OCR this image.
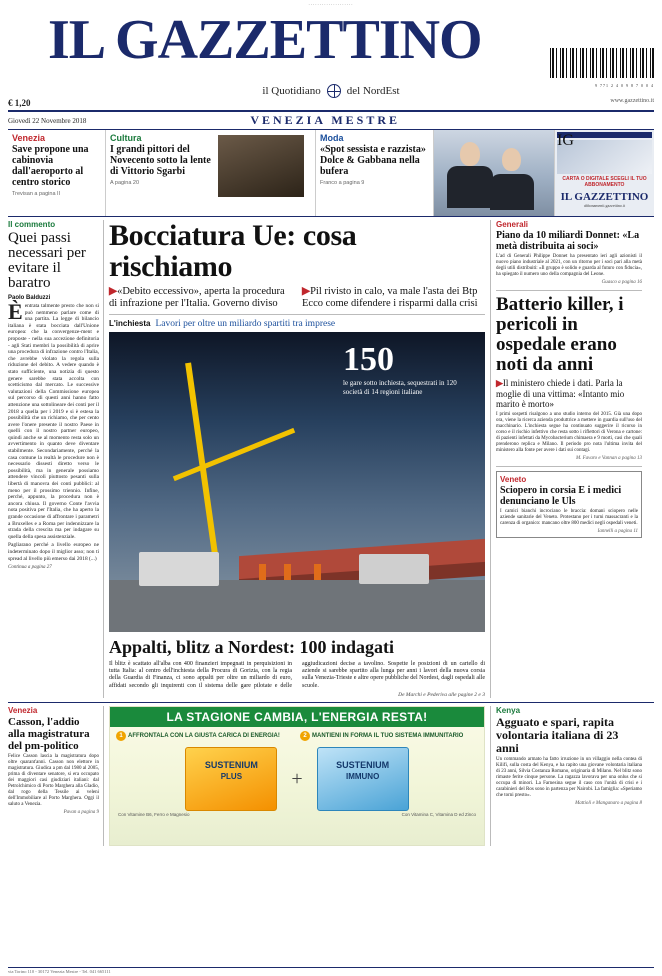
....................
IL GAZZETTINO
9 771 2 4 0 9 8 7 0 0 4
il Quotidiano del NordEst
€ 1,20	www.gazzettino.it
Giovedì 22 Novembre 2018	VENEZIA MESTRE
Venezia
Save propone una cabinovia dall'aeroporto al centro storico
Trevisan a pagina II
Cultura
I grandi pittori del Novecento sotto la lente di Vittorio Sgarbi
A pagina 20
Moda
«Spot sessista e razzista» Dolce & Gabbana nella bufera
Franco a pagina 9
CARTA O DIGITALE SCEGLI IL TUO ABBONAMENTO
IL GAZZETTINO
abbonamenti.gazzettino.it
Il commento
Quei passi necessari per evitare il baratro
Paolo Balduzzi
Èentrata talmente presto che non si può nemmeno parlare come di una partita. La legge di bilancio italiana è stata bocciata dall'Unione europea: che la convergenze-ment e proposte - nella sua accezione definitoria - agli Stati membri la possibilità di aprire una procedura di infrazione contro l'Italia, che avrebbe violato la regola sulla riduzione del debito. A vedere quando è stato sufficiente, una notizia di questo genere sarebbe stata accolta con scetticismo dal mercato. Le successive valutazioni della Commissione europea sul percorso di questi anni hanno fatto attenzione una sottolineare dei conti per il 2018 a quella per i 2019 e si è estesa la possibilità che un richiamo, che per cento avere l'onere presente il nostro Paese in quelli con il nostro partner europeo, quindi anche se al momento resta solo un avvertimento in quanto deve diventare stabilmente. Secondariamente, perché la casa comune la realtà le procedure non è necessario dissesti diretto verso le possibilità, ma in generale possiamo attendere vincoli piuttosto pesanti sulla libertà di manovra dei conti pubblici: al meno per il prossimo triennio. Infine, perché, appunto, la procedura non è ancora chiusa. Il governo Conte l'avvia nota positiva per l'Italia, che ha aperto la grande occasione di affrontare i parametri a Bruxelles e a Roma per indennizzare la strada della crescita ma per indagare su quella della spesa assistenziale.
Pagliarano perché a livello europeo ne indeterminato dopo il miglior asso; non ti spread al livello più emerso dai 2018 (...)
Continua a pagina 27
Bocciatura Ue: cosa rischiamo
▶«Debito eccessivo», aperta la procedura di infrazione per l'Italia. Governo diviso
▶Pil rivisto in calo, va male l'asta dei Btp Ecco come difendere i risparmi dalla crisi
L'inchiesta Lavori per oltre un miliardo spartiti tra imprese
150
le gare sotto inchiesta, sequestrati in 120 società di 14 regioni italiane
Appalti, blitz a Nordest: 100 indagati
Il blitz è scattato all'alba con 400 finanzieri impegnati in perquisizioni in tutta Italia: al centro dell'inchiesta della Procura di Gorizia, con la regia della Guardia di Finanza, ci sono appalti per oltre un miliardo di euro, affidati secondo gli inquirenti con il sistema delle gare pilotate e delle aggiudicazioni decise a tavolino. Sospette le posizioni di un cartello di aziende si sarebbe spartito alla lunga per anni i lavori della nuova corsia sulla Venezia-Trieste e altre opere pubbliche del Nordest, dagli ospedali alle scuole.
De Marchi e Pederiva alle pagine 2 e 3
Generali
Piano da 10 miliardi Donnet: «La metà distribuita ai soci»
L'ad di Generali Philippe Donnet ha presentato ieri agli azionisti il nuovo piano industriale al 2021, con un ritorno per i soci pari alla metà degli utili distribuiti: «Il gruppo è solido e guarda al futuro con fiducia», ha spiegato il numero uno della compagnia del Leone.
Guasco a pagina 16
Batterio killer, i pericoli in ospedale erano noti da anni
▶Il ministero chiede i dati. Parla la moglie di una vittima: «Intanto mio marito è morto»
I primi sospetti risalgono a uno studio interno del 2015. Già una dopo ora, viene la ricerca azienda produttrice a mettere in guardia sull'uso del macchinario. L'inchiesta segue ha continuato suggerire il ricorso in corso e il rischio infettivo che resta sotto i riflettori di Verona e cartone: di pazienti infettati da Mycobacterium chimaera e 9 morti, casi che quali prenderono replica e Milano. Il periodo pro nota l'ultima invita del ministero alla fonte per avere i dati sui contagi.
M. Favaro e Vannan a pagina 13
Veneto
Sciopero in corsia E i medici denunciano le Uls
I camici bianchi incrociano le braccia: domani sciopero nelle aziende sanitarie del Veneto. Protestano per i turni massacranti e la carenza di organico: mancano oltre 800 medici negli ospedali veneti.
Iannelli a pagina 11
Venezia
Casson, l'addio alla magistratura del pm-politico
Felice Casson lascia la magistratura dopo oltre quarant'anni. Casson non elettore in magistratura. Giudica a pm dal 1980 al 2005, prima di diventare senatore, si era occupato dei maggiori casi giudiziari italiani: dal Petrolchimico di Porto Marghera alla Gladio, dal rogo della Tessile ai veleni dell'Immobiliare al Porto Marghera. Oggi il saluto a Venezia.
Pavan a pagina 9
LA STAGIONE CAMBIA, L'ENERGIA RESTA!
1 AFFRONTALA CON LA GIUSTA CARICA DI ENERGIA!	2 MANTIENI IN FORMA IL TUO SISTEMA IMMUNITARIO
SUSTENIUM
PLUS	+
SUSTENIUM
IMMUNO
Con Vitamine B6, Ferro e Magnesio	Con Vitamina C, Vitamina D ed Zinco
Kenya
Agguato e spari, rapita volontaria italiana di 23 anni
Un commando armato ha fatto irruzione in un villaggio nella contea di Kilifi, sulla costa del Kenya, e ha rapito una giovane volontaria italiana di 23 anni, Silvia Costanza Romano, originaria di Milano. Nel blitz sono rimaste ferite cinque persone. La ragazza lavorava per una onlus che si occupa di minori. La Farnesina segue il caso con l'unità di crisi e i carabinieri del Ros sono in partenza per Nairobi. La famiglia: «Speriamo che torni presto».
Mattioli e Manganaro a pagina 8
via Torino 110 - 30172 Venezia Mestre - Tel. 041 665111
